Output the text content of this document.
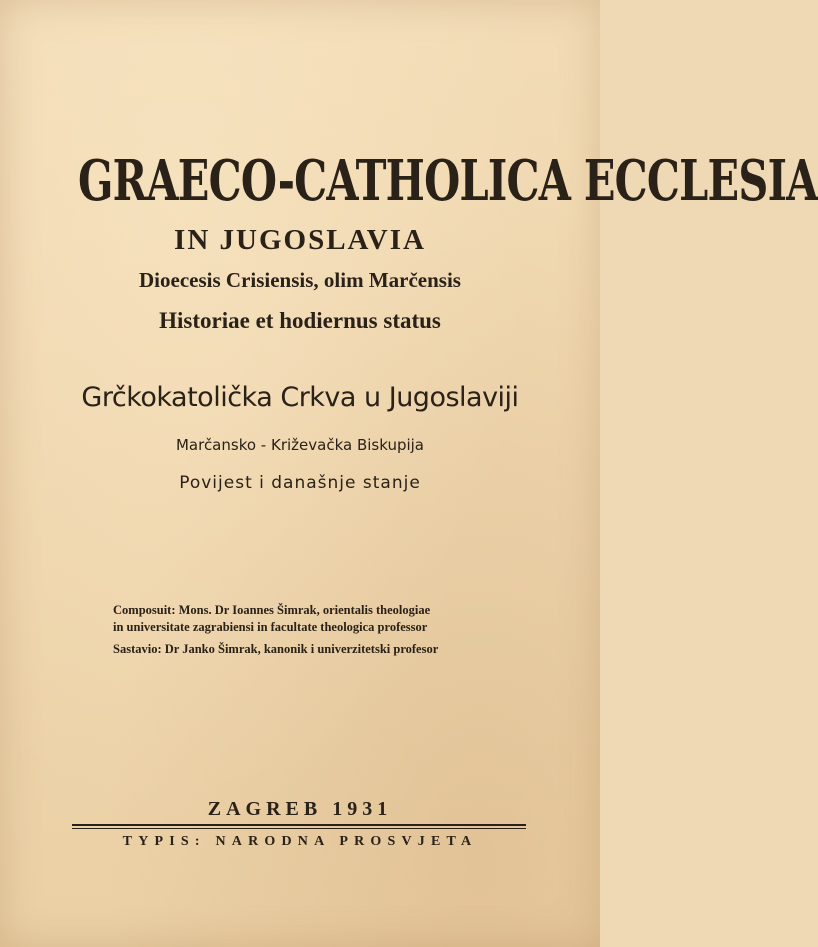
GRAECO-CATHOLICA ECCLESIA
IN JUGOSLAVIA
Dioecesis Crisiensis, olim Marčensis
Historiae et hodiernus status
Grčkokatolička Crkva u Jugoslaviji
Marčansko - Križevačka Biskupija
Povijest i današnje stanje
Composuit: Mons. Dr Ioannes Šimrak, orientalis theologiae
in universitate zagrabiensi in facultate theologica professor
Sastavio: Dr Janko Šimrak, kanonik i univerzitetski profesor
ZAGREB 1931
TYPIS: NARODNA PROSVJETA
